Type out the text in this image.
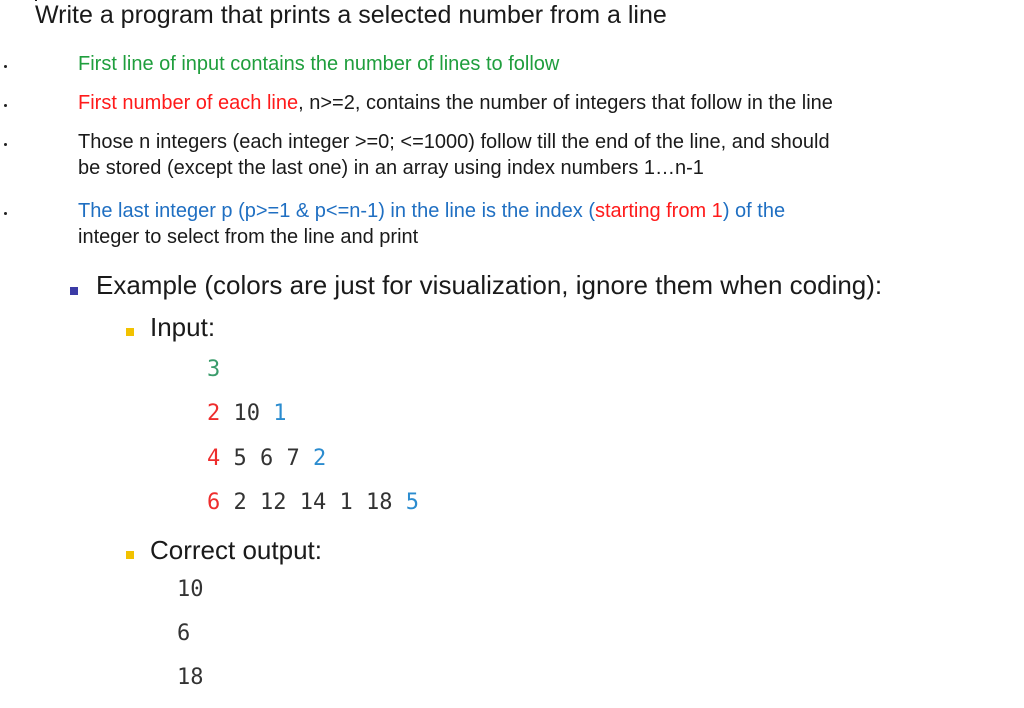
Write a program that prints a selected number from a line

First line of input contains the number of lines to follow

First number of each line, n>=2, contains the number of integers that follow in the line

Those n integers (each integer >=0; <=1000) follow till the end of the line, and should

be stored (except the last one) in an array using index numbers 1…n-1

The last integer p (p>=1 & p<=n-1) in the line is the index (starting from 1) of the

integer to select from the line and print

Example (colors are just for visualization, ignore them when coding):

Input:

3

2 10 1

4 5 6 7 2

6 2 12 14 1 18 5

Correct output:

10

6

18
